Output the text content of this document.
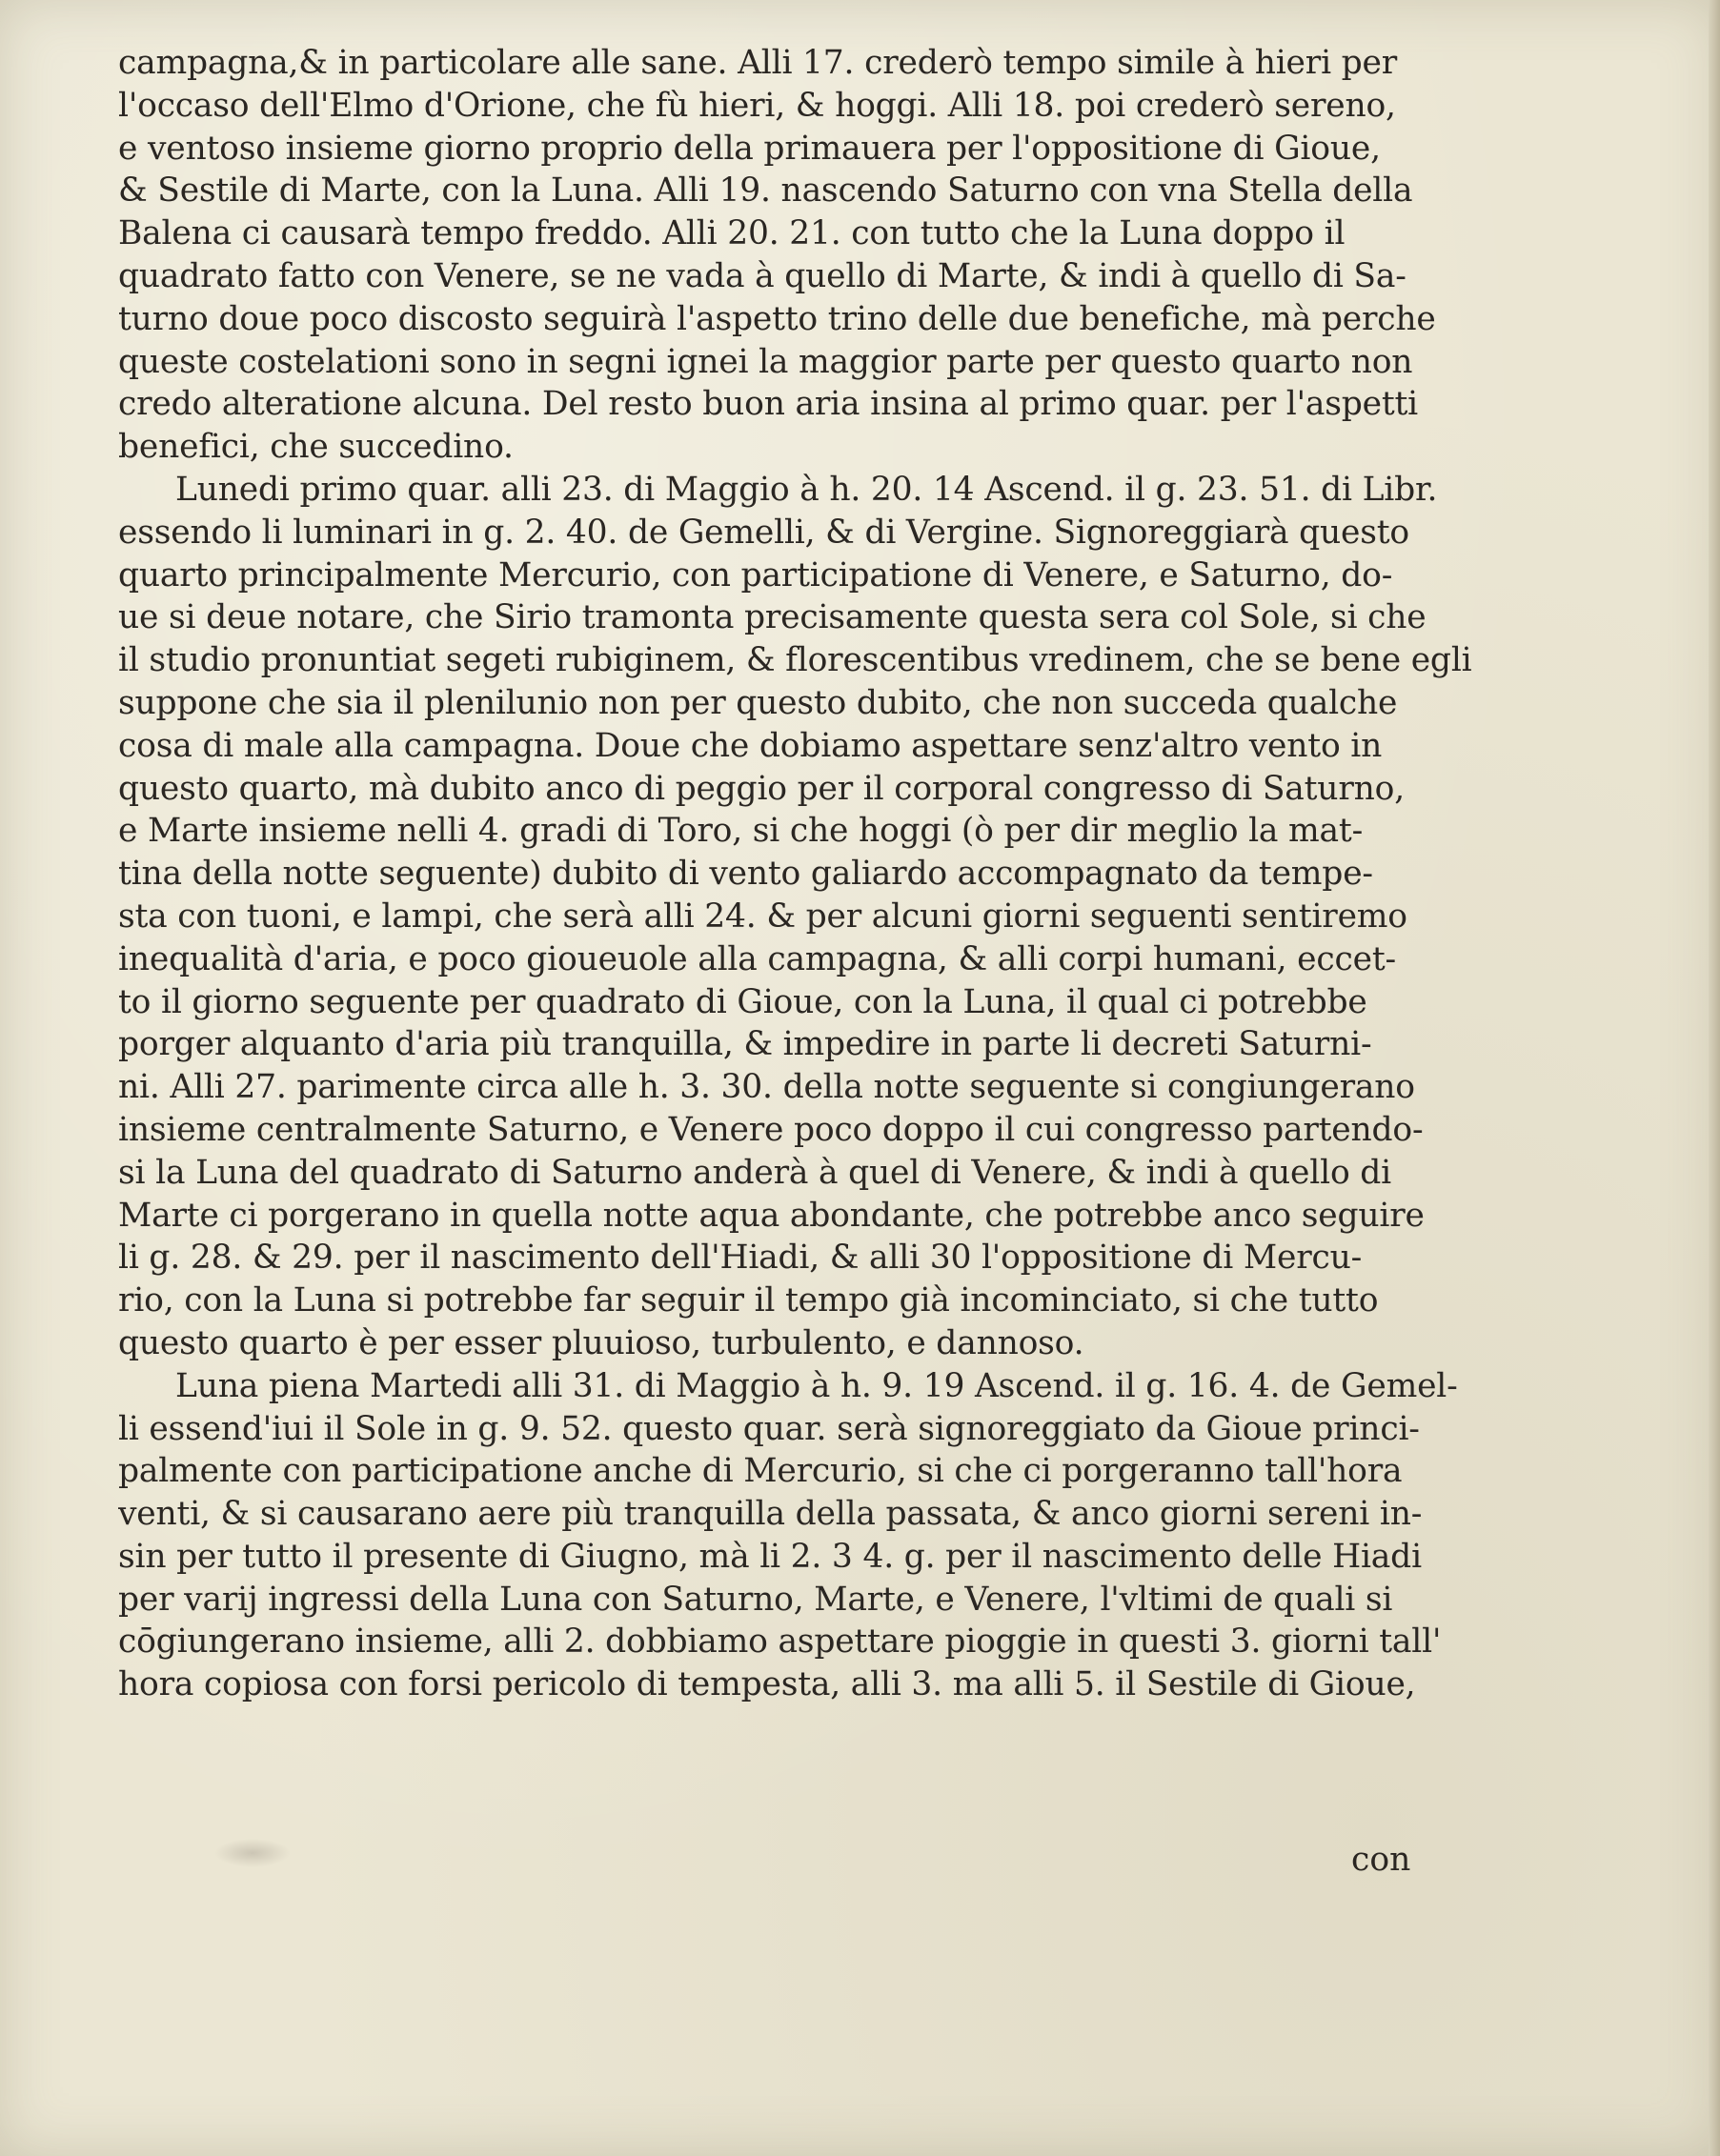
campagna,& in particolare alle sane. Alli 17. crederò tempo simile à hieri per
l'occaso dell'Elmo d'Orione, che fù hieri, & hoggi. Alli 18. poi crederò sereno,
e ventoso insieme giorno proprio della primauera per l'oppositione di Gioue,
& Sestile di Marte, con la Luna. Alli 19. nascendo Saturno con vna Stella della
Balena ci causarà tempo freddo. Alli 20. 21. con tutto che la Luna doppo il
quadrato fatto con Venere, se ne vada à quello di Marte, & indi à quello di Sa-
turno doue poco discosto seguirà l'aspetto trino delle due benefiche, mà perche
queste costelationi sono in segni ignei la maggior parte per questo quarto non
credo alteratione alcuna. Del resto buon aria insina al primo quar. per l'aspetti
benefici, che succedino.
Lunedi primo quar. alli 23. di Maggio à h. 20. 14 Ascend. il g. 23. 51. di Libr.
essendo li luminari in g. 2. 40. de Gemelli, & di Vergine. Signoreggiarà questo
quarto principalmente Mercurio, con participatione di Venere, e Saturno, do-
ue si deue notare, che Sirio tramonta precisamente questa sera col Sole, si che
il studio pronuntiat segeti rubiginem, & florescentibus vredinem, che se bene egli
suppone che sia il plenilunio non per questo dubito, che non succeda qualche
cosa di male alla campagna. Doue che dobiamo aspettare senz'altro vento in
questo quarto, mà dubito anco di peggio per il corporal congresso di Saturno,
e Marte insieme nelli 4. gradi di Toro, si che hoggi (ò per dir meglio la mat-
tina della notte seguente) dubito di vento galiardo accompagnato da tempe-
sta con tuoni, e lampi, che serà alli 24. & per alcuni giorni seguenti sentiremo
inequalità d'aria, e poco gioueuole alla campagna, & alli corpi humani, eccet-
to il giorno seguente per quadrato di Gioue, con la Luna, il qual ci potrebbe
porger alquanto d'aria più tranquilla, & impedire in parte li decreti Saturni-
ni. Alli 27. parimente circa alle h. 3. 30. della notte seguente si congiungerano
insieme centralmente Saturno, e Venere poco doppo il cui congresso partendo-
si la Luna del quadrato di Saturno anderà à quel di Venere, & indi à quello di
Marte ci porgerano in quella notte aqua abondante, che potrebbe anco seguire
li g. 28. & 29. per il nascimento dell'Hiadi, & alli 30 l'oppositione di Mercu-
rio, con la Luna si potrebbe far seguir il tempo già incominciato, si che tutto
questo quarto è per esser pluuioso, turbulento, e dannoso.
Luna piena Martedi alli 31. di Maggio à h. 9. 19 Ascend. il g. 16. 4. de Gemel-
li essend'iui il Sole in g. 9. 52. questo quar. serà signoreggiato da Gioue princi-
palmente con participatione anche di Mercurio, si che ci porgeranno tall'hora
venti, & si causarano aere più tranquilla della passata, & anco giorni sereni in-
sin per tutto il presente di Giugno, mà li 2. 3 4. g. per il nascimento delle Hiadi
per varij ingressi della Luna con Saturno, Marte, e Venere, l'vltimi de quali si
cōgiungerano insieme, alli 2. dobbiamo aspettare pioggie in questi 3. giorni tall'
hora copiosa con forsi pericolo di tempesta, alli 3. ma alli 5. il Sestile di Gioue,
con
